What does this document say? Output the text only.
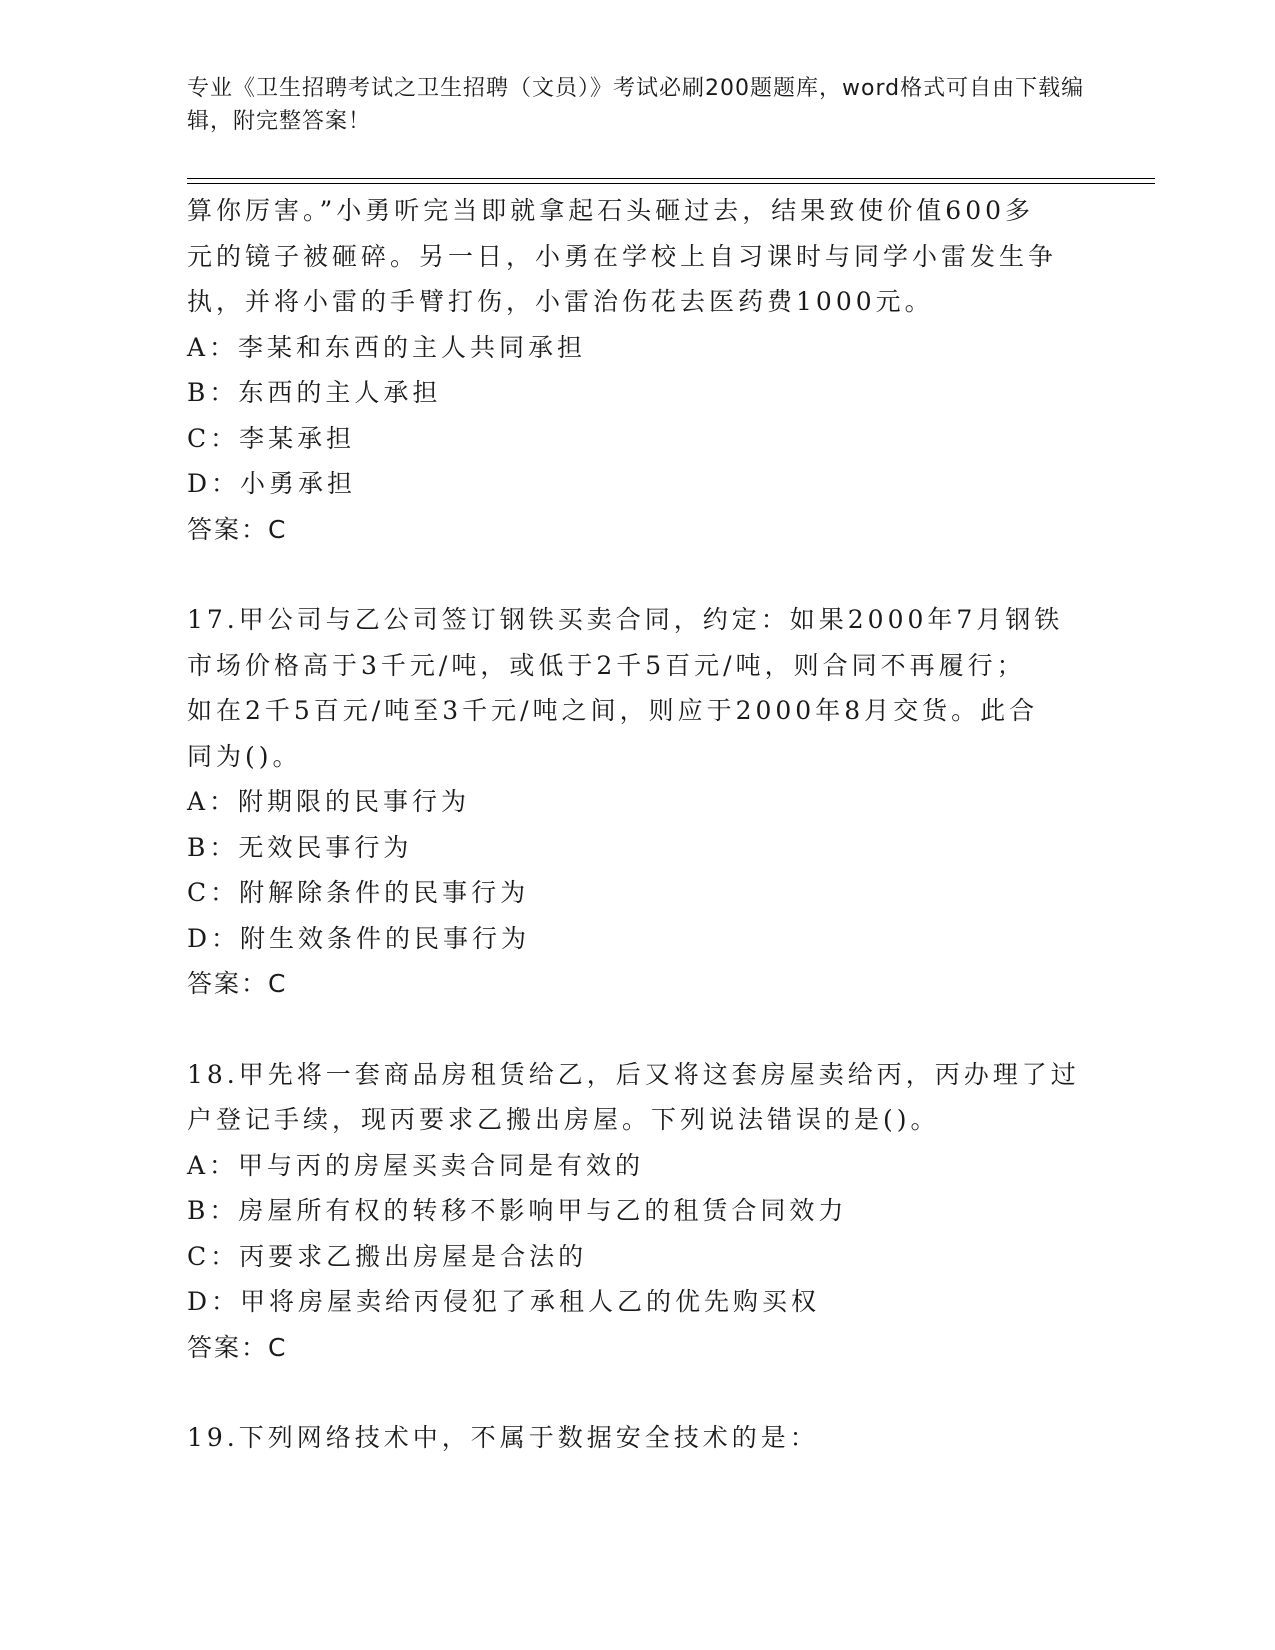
专业《卫生招聘考试之卫生招聘（文员）》考试必刷200题题库，word格式可自由下载编辑，附完整答案！

算你厉害。”小勇听完当即就拿起石头砸过去，结果致使价值600多

元的镜子被砸碎。另一日，小勇在学校上自习课时与同学小雷发生争

执，并将小雷的手臂打伤，小雷治伤花去医药费1000元。

A：李某和东西的主人共同承担

B：东西的主人承担

C：李某承担

D：小勇承担

答案：C

17.甲公司与乙公司签订钢铁买卖合同，约定：如果2000年7月钢铁

市场价格高于3千元/吨，或低于2千5百元/吨，则合同不再履行；

如在2千5百元/吨至3千元/吨之间，则应于2000年8月交货。此合

同为()。

A：附期限的民事行为

B：无效民事行为

C：附解除条件的民事行为

D：附生效条件的民事行为

答案：C

18.甲先将一套商品房租赁给乙，后又将这套房屋卖给丙，丙办理了过

户登记手续，现丙要求乙搬出房屋。下列说法错误的是()。

A：甲与丙的房屋买卖合同是有效的

B：房屋所有权的转移不影响甲与乙的租赁合同效力

C：丙要求乙搬出房屋是合法的

D：甲将房屋卖给丙侵犯了承租人乙的优先购买权

答案：C

19.下列网络技术中，不属于数据安全技术的是：
